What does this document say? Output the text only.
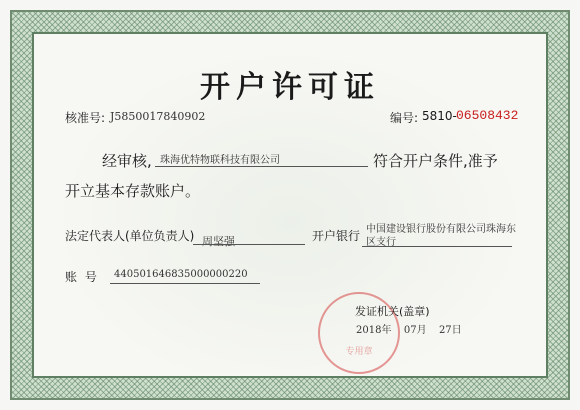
开户许可证
核准号: J5850017840902	编号: 5810- 06508432
经审核, 珠海优特物联科技有限公司	符合开户条件,准予
开立基本存款账户。
法定代表人(单位负责人) 周坚强	开户银行 中国建设银行股份有限公司珠海东
区支行
账 号 440501646835000000220
专用章
发证机关(盖章)
2018年 07月 27日
